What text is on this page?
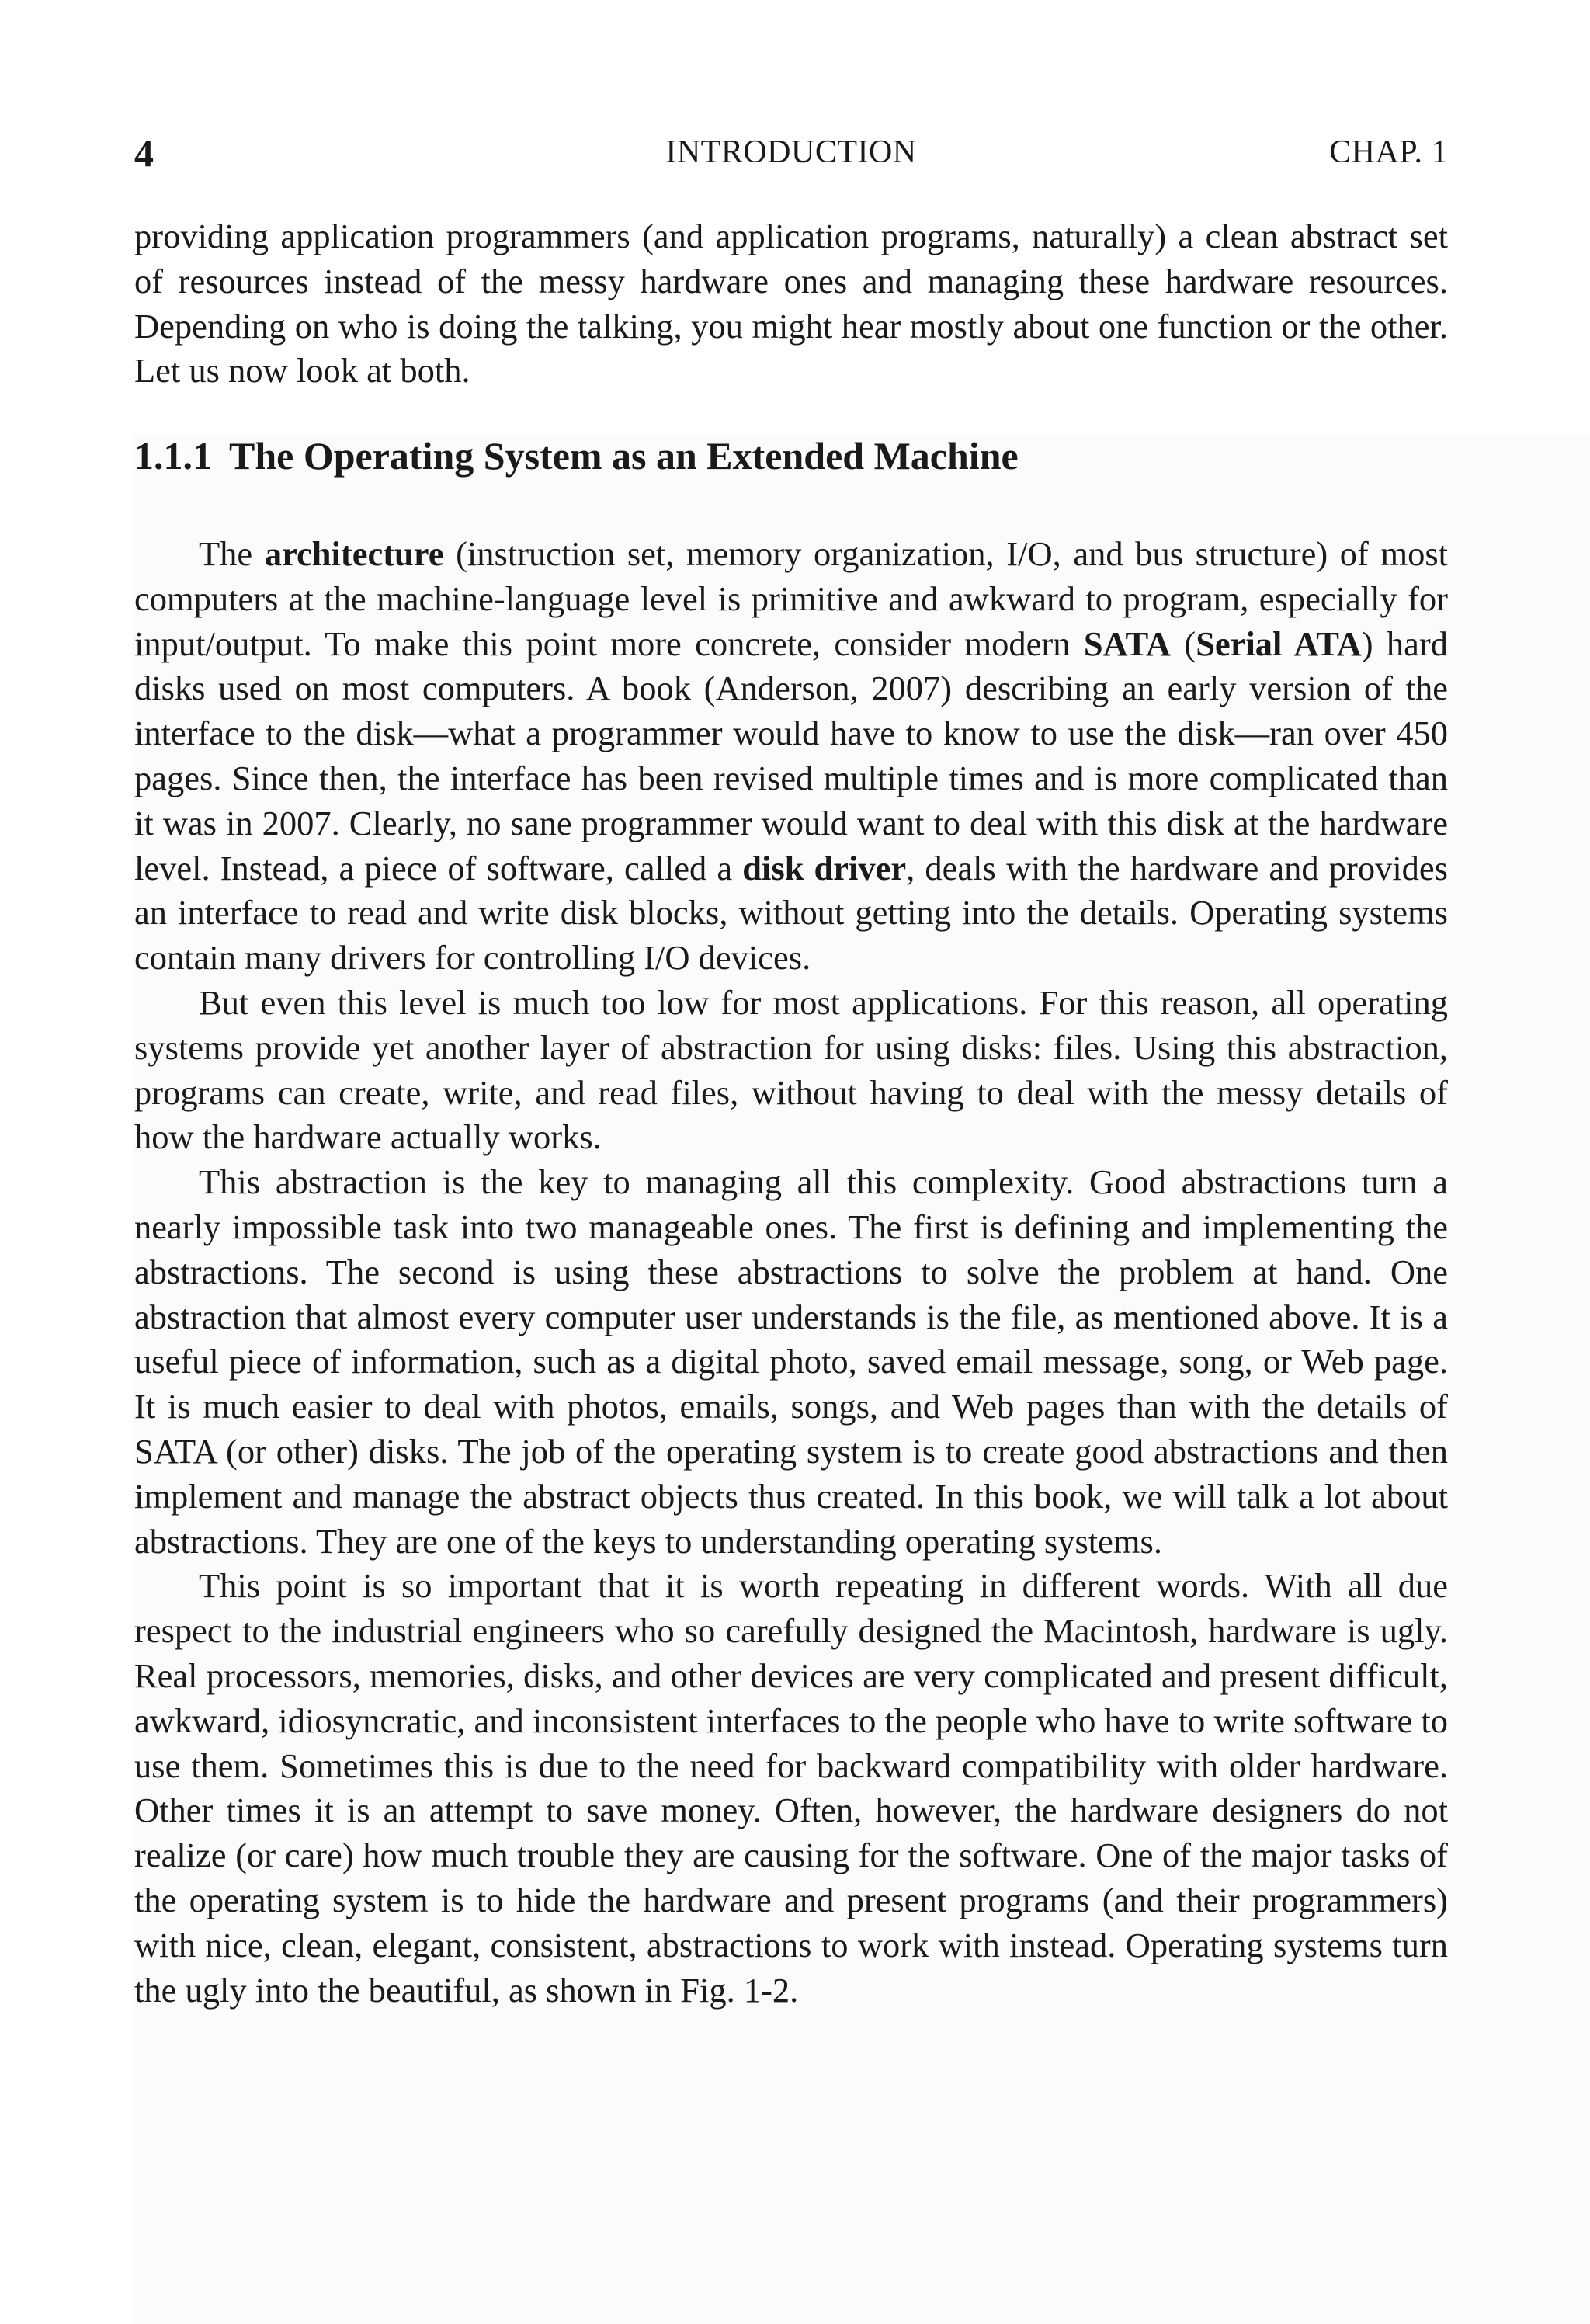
4	INTRODUCTION	CHAP. 1

providing application programmers (and application programs, naturally) a clean abstract set of resources instead of the messy hardware ones and managing these hardware resources. Depending on who is doing the talking, you might hear mostly about one function or the other. Let us now look at both.

1.1.1 The Operating System as an Extended Machine

The architecture (instruction set, memory organization, I/O, and bus structure) of most computers at the machine-language level is primitive and awkward to program, especially for input/output. To make this point more concrete, consider modern SATA (Serial ATA) hard disks used on most computers. A book (Anderson, 2007) describing an early version of the interface to the disk—what a programmer would have to know to use the disk—ran over 450 pages. Since then, the interface has been revised multiple times and is more complicated than it was in 2007. Clearly, no sane programmer would want to deal with this disk at the hardware level. Instead, a piece of software, called a disk driver, deals with the hardware and provides an interface to read and write disk blocks, without getting into the details. Operating systems contain many drivers for controlling I/O devices.

But even this level is much too low for most applications. For this reason, all operating systems provide yet another layer of abstraction for using disks: files. Using this abstraction, programs can create, write, and read files, without having to deal with the messy details of how the hardware actually works.

This abstraction is the key to managing all this complexity. Good abstractions turn a nearly impossible task into two manageable ones. The first is defining and implementing the abstractions. The second is using these abstractions to solve the problem at hand. One abstraction that almost every computer user understands is the file, as mentioned above. It is a useful piece of information, such as a digital photo, saved email message, song, or Web page. It is much easier to deal with photos, emails, songs, and Web pages than with the details of SATA (or other) disks. The job of the operating system is to create good abstractions and then implement and manage the abstract objects thus created. In this book, we will talk a lot about abstractions. They are one of the keys to understanding operating systems.

This point is so important that it is worth repeating in different words. With all due respect to the industrial engineers who so carefully designed the Macintosh, hardware is ugly. Real processors, memories, disks, and other devices are very complicated and present difficult, awkward, idiosyncratic, and inconsistent interfaces to the people who have to write software to use them. Sometimes this is due to the need for backward compatibility with older hardware. Other times it is an attempt to save money. Often, however, the hardware designers do not realize (or care) how much trouble they are causing for the software. One of the major tasks of the operating system is to hide the hardware and present programs (and their programmers) with nice, clean, elegant, consistent, abstractions to work with instead. Operating systems turn the ugly into the beautiful, as shown in Fig. 1-2.
